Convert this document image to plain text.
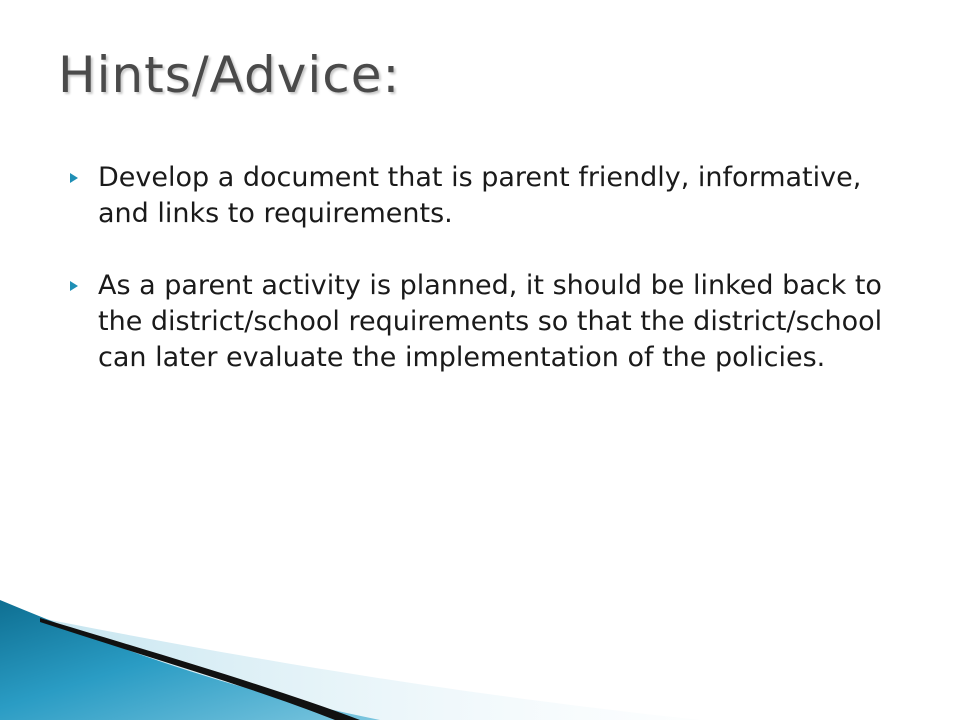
Hints/Advice:
Develop a document that is parent friendly, informative, and links to requirements.
As a parent activity is planned, it should be linked back to the district/school requirements so that the district/school can later evaluate the implementation of the policies.
